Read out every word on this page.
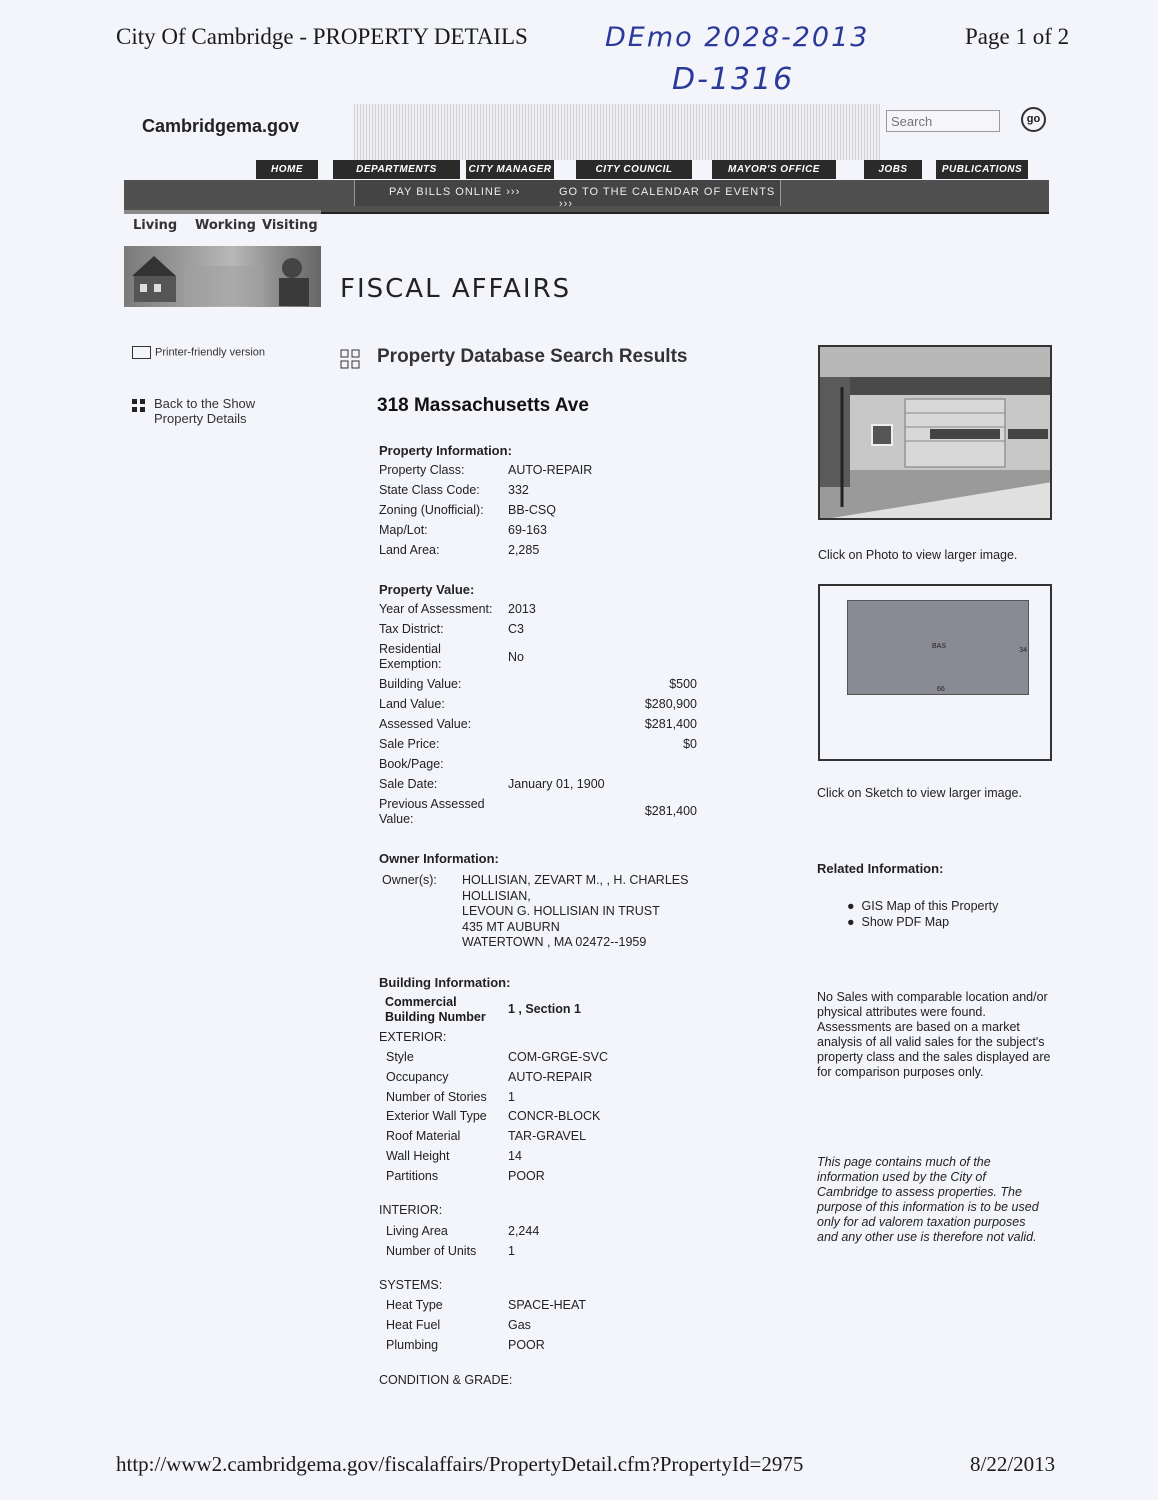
City Of Cambridge - PROPERTY DETAILS	Page 1 of 2
DEmo 2028-2013
D-1316
Cambridgema.gov
Search	go
HOME	DEPARTMENTS	CITY MANAGER	CITY COUNCIL	MAYOR'S OFFICE	JOBS	PUBLICATIONS
PAY BILLS ONLINE ›››	GO TO THE CALENDAR OF EVENTS ›››
Living Working Visiting
FISCAL AFFAIRS
Printer-friendly version
Back to the Show Property Details
Property Database Search Results
318 Massachusetts Ave
Property Information:
Property Class:	AUTO-REPAIR
State Class Code: 332
Zoning (Unofficial): BB-CSQ
Map/Lot:	69-163
Land Area:	2,285
Property Value:
Year of Assessment: 2013
Tax District:	C3
Residential Exemption:	No
Building Value:	$500
Land Value:	$280,900
Assessed Value:	$281,400
Sale Price:	$0
Book/Page:
Sale Date:	January 01, 1900
Previous Assessed Value:
$281,400
Owner Information:
Owner(s): HOLLISIAN, ZEVART M., , H. CHARLES
HOLLISIAN,
LEVOUN G. HOLLISIAN IN TRUST
435 MT AUBURN
WATERTOWN , MA 02472--1959
Building Information:
Commercial Building Number
1 , Section 1
EXTERIOR:
Style	COM-GRGE-SVC
Occupancy	AUTO-REPAIR
Number of Stories 1
Exterior Wall Type CONCR-BLOCK
Roof Material	TAR-GRAVEL
Wall Height	14
Partitions	POOR
INTERIOR:
Living Area	2,244
Number of Units	1
SYSTEMS:
Heat Type	SPACE-HEAT
Heat Fuel	Gas
Plumbing	POOR
CONDITION & GRADE:
Click on Photo to view larger image.
BAS
34
66
Click on Sketch to view larger image.
Related Information:
● GIS Map of this Property
● Show PDF Map
No Sales with comparable location and/or physical attributes were found. Assessments are based on a market analysis of all valid sales for the subject's property class and the sales displayed are for comparison purposes only.
This page contains much of the information used by the City of Cambridge to assess properties. The purpose of this information is to be used only for ad valorem taxation purposes and any other use is therefore not valid.
http://www2.cambridgema.gov/fiscalaffairs/PropertyDetail.cfm?PropertyId=2975	8/22/2013
